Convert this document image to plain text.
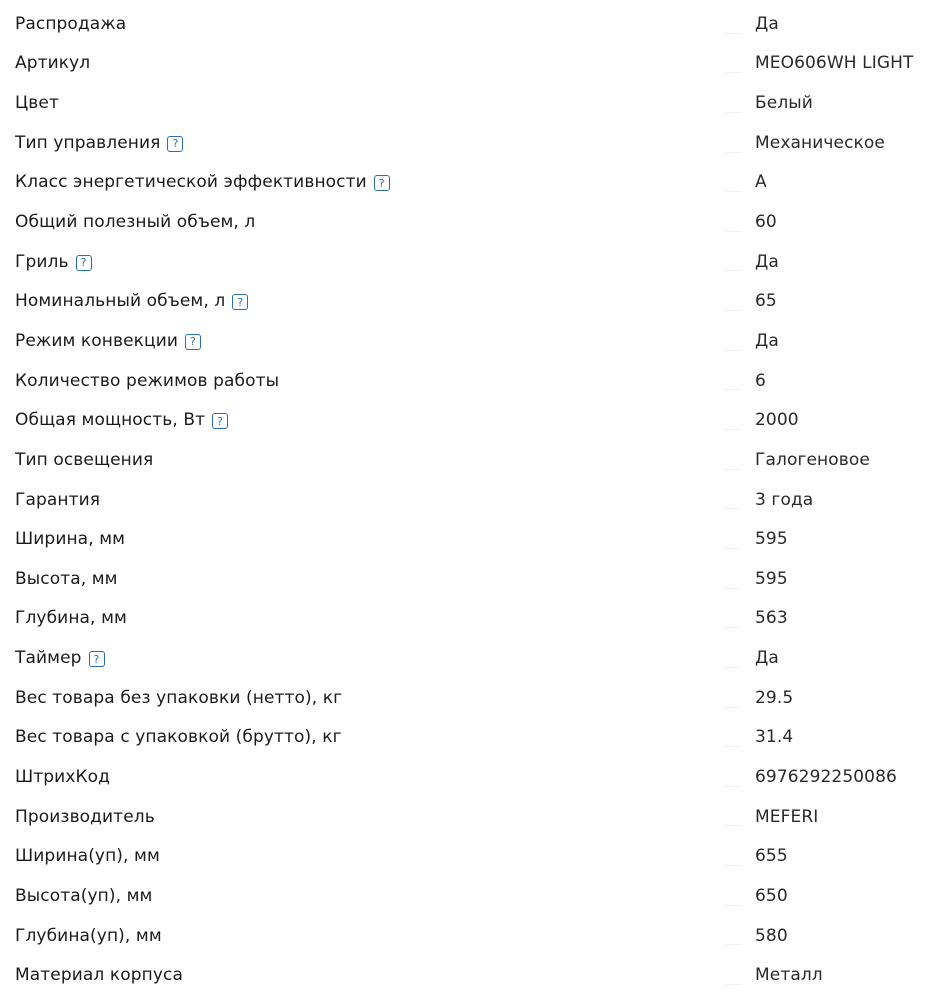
Распродажа	Да
Артикул	MEO606WH LIGHT
Цвет	Белый
Тип управления	?	Механическое
Класс энергетической эффективности	?	A
Общий полезный объем, л	60
Гриль	?	Да
Номинальный объем, л	?	65
Режим конвекции	?	Да
Количество режимов работы	6
Общая мощность, Вт	?	2000
Тип освещения	Галогеновое
Гарантия	3 года
Ширина, мм	595
Высота, мм	595
Глубина, мм	563
Таймер	?	Да
Вес товара без упаковки (нетто), кг	29.5
Вес товара с упаковкой (брутто), кг	31.4
ШтрихКод	6976292250086
Производитель	MEFERI
Ширина(уп), мм	655
Высота(уп), мм	650
Глубина(уп), мм	580
Материал корпуса	Металл
